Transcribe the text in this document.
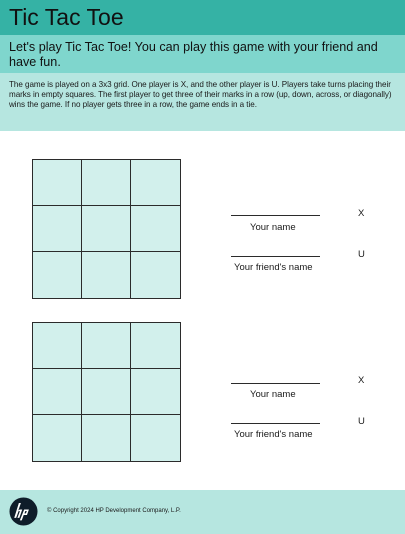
Tic Tac Toe

Let's play Tic Tac Toe! You can play this game with your friend and have fun.

The game is played on a 3x3 grid. One player is X, and the other player is U. Players take turns placing their marks in empty squares. The first player to get three of their marks in a row (up, down, across, or diagonally) wins the game. If no player gets three in a row, the game ends in a tie.

Your name
X
Your friend's name
U
Your name
X
Your friend's name
U

© Copyright 2024 HP Development Company, L.P.
